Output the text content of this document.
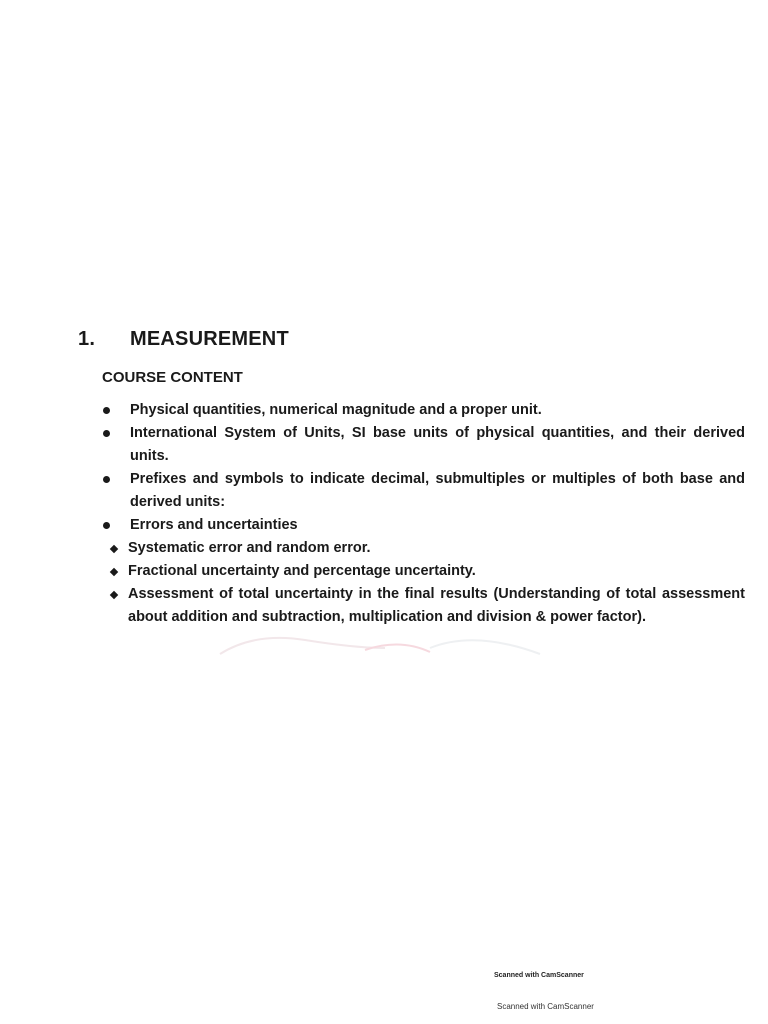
1.	MEASUREMENT
COURSE CONTENT
Physical quantities, numerical magnitude and a proper unit.
International System of Units, SI base units of physical quantities, and their derived units.
Prefixes and symbols to indicate decimal, submultiples or multiples of both base and derived units:
Errors and uncertainties
Systematic error and random error.
Fractional uncertainty and percentage uncertainty.
Assessment of total uncertainty in the final results (Understanding of total assessment about addition and subtraction, multiplication and division & power factor).
Scanned with CamScanner
Scanned with CamScanner
